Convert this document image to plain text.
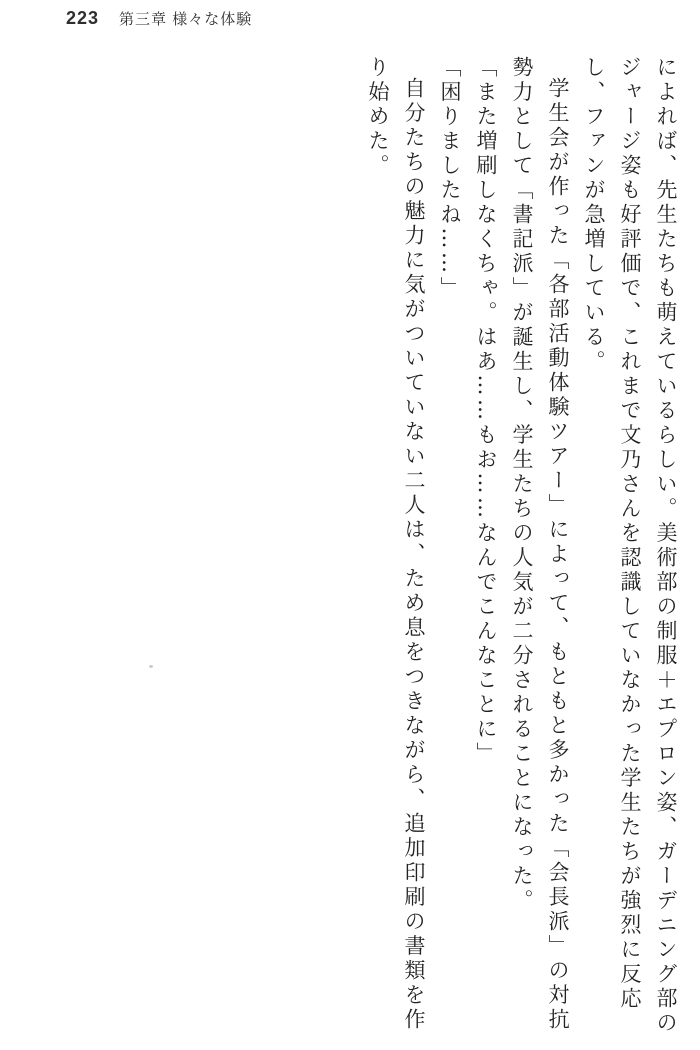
223 第三章 様々な体験

によれば、先生たちも萌えているらしい。美術部の制服＋エプロン姿、ガーデニング部のジャージ姿も好評価で、これまで文乃さんを認識していなかった学生たちが強烈に反応し、ファンが急増している。

学生会が作った「各部活動体験ツアー」によって、もともと多かった「会長派」の対抗勢力として「書記派」が誕生し、学生たちの人気が二分されることになった。

「また増刷しなくちゃ。はあ……もお……なんでこんなことに」

「困りましたね……」

自分たちの魅力に気がついていない二人は、ため息をつきながら、追加印刷の書類を作り始めた。
